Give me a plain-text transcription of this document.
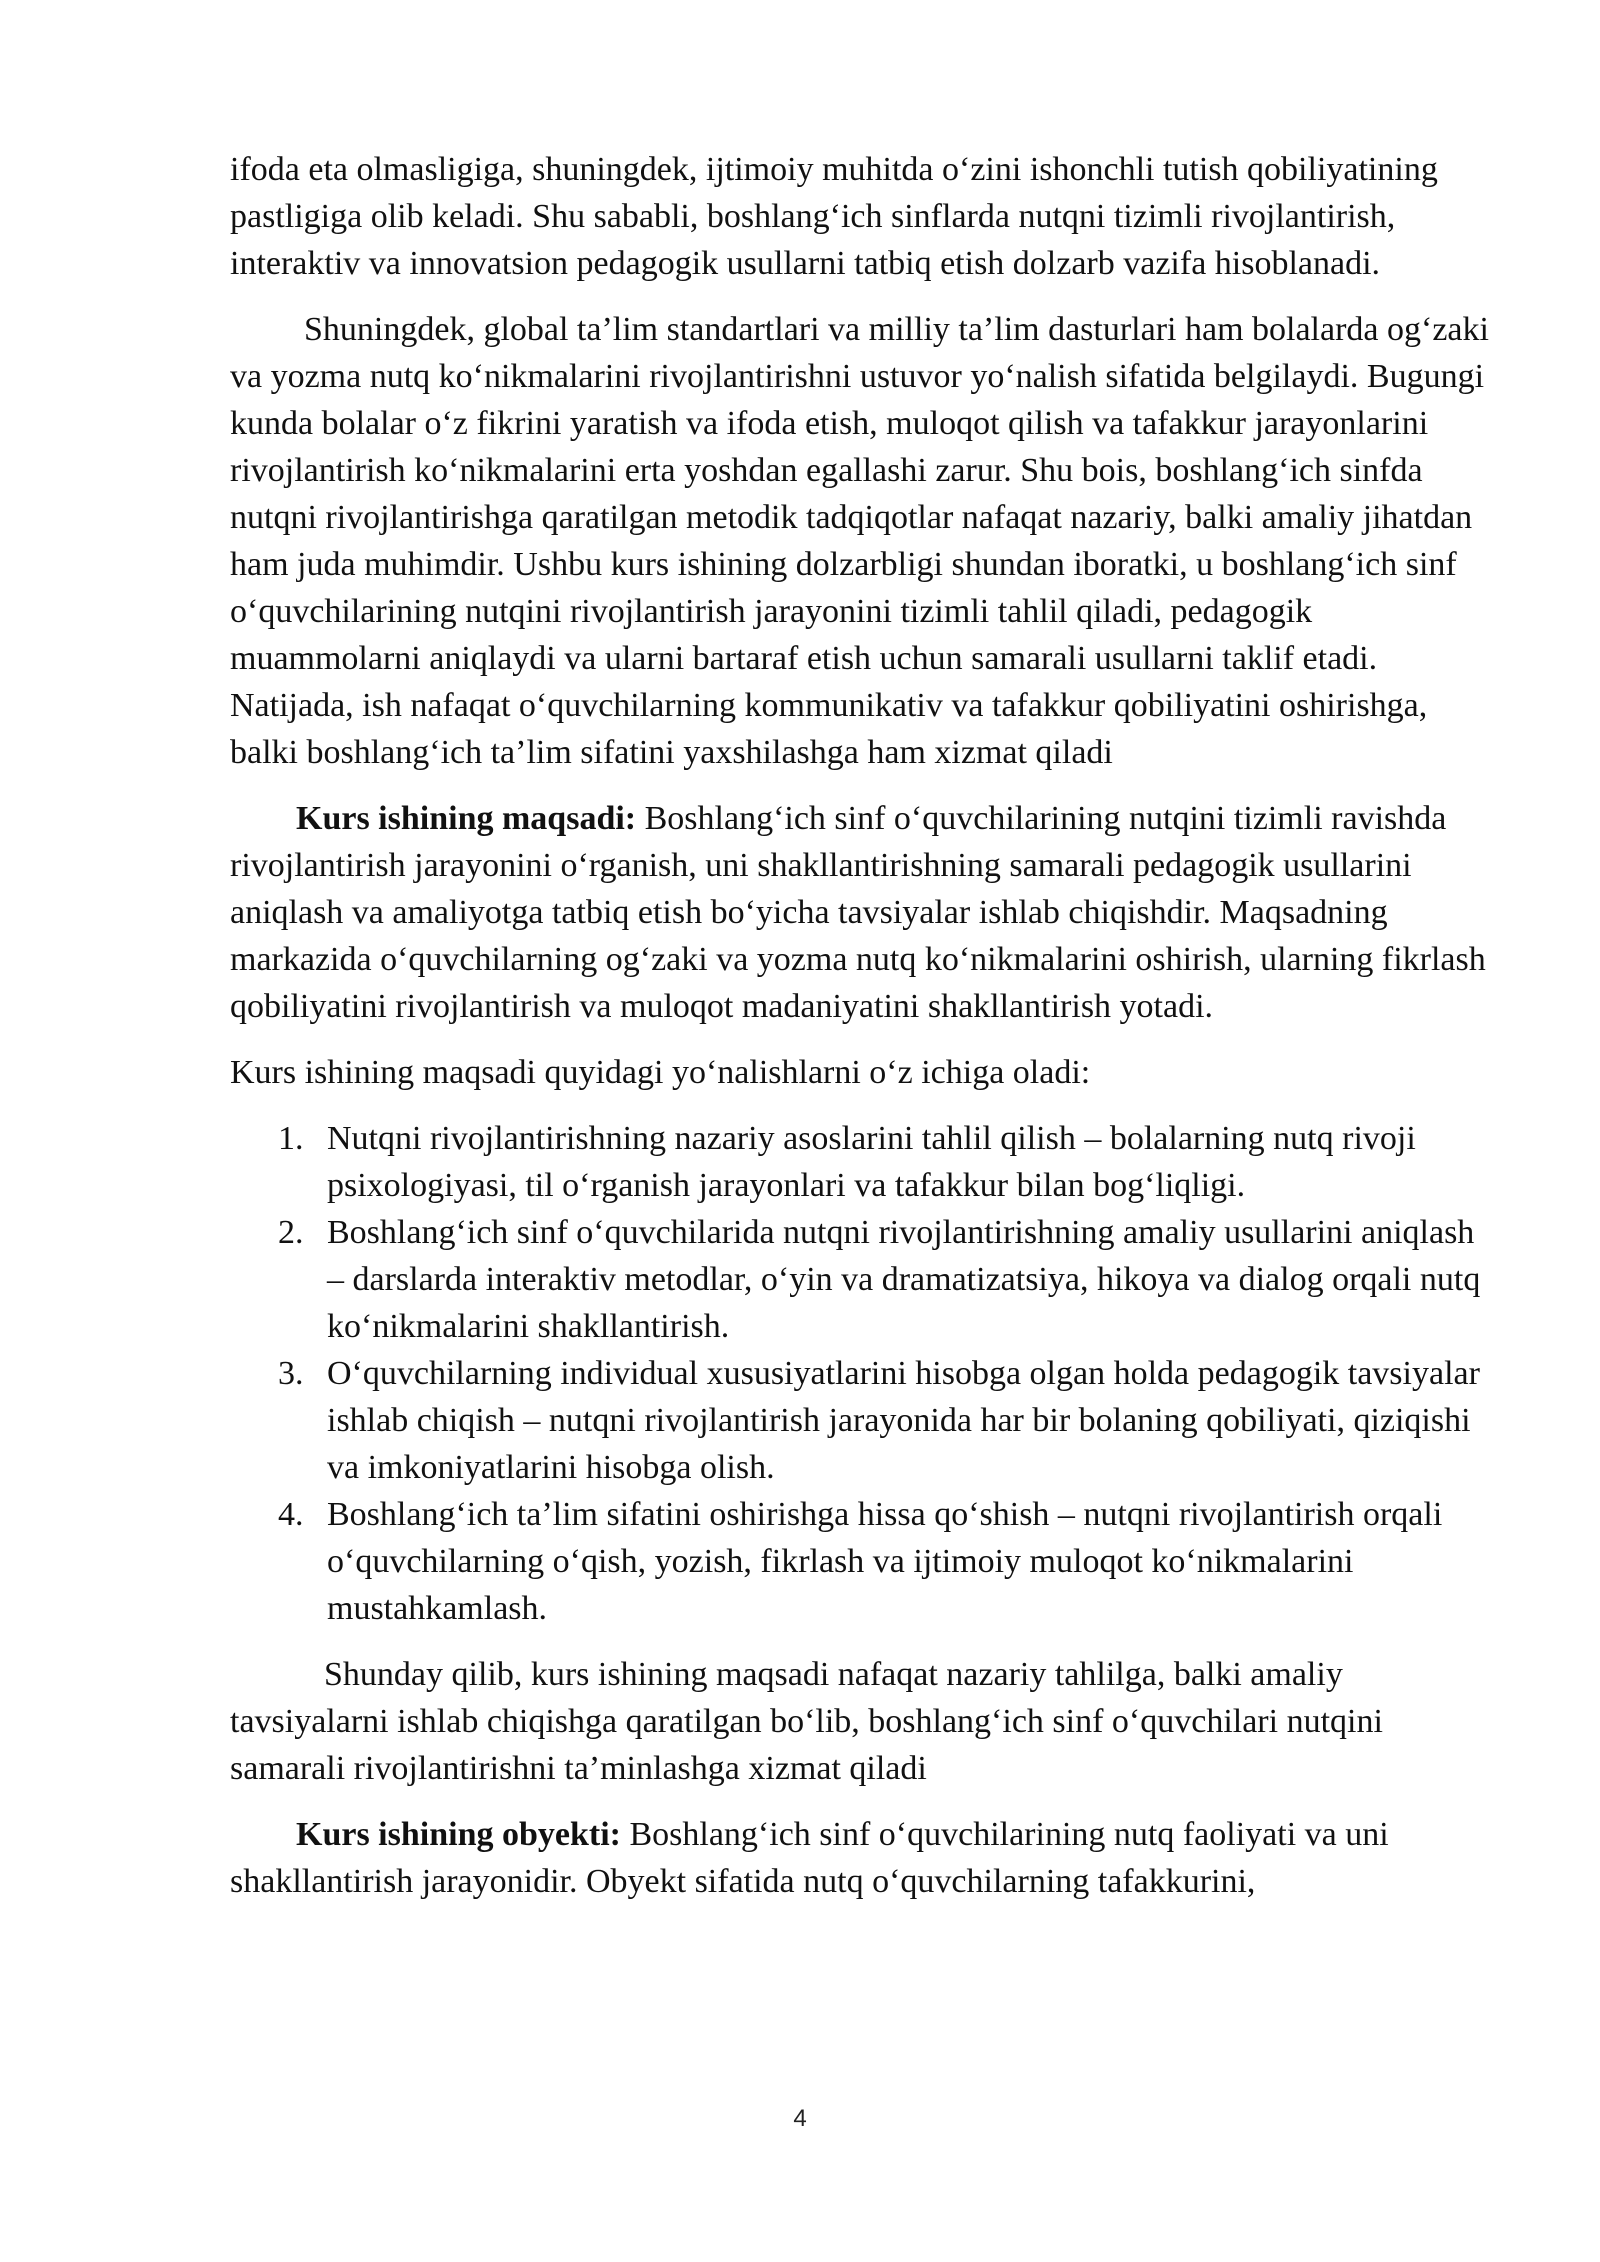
ifoda eta olmasligiga, shuningdek, ijtimoiy muhitda o‘zini ishonchli tutish qobiliyatining pastligiga olib keladi. Shu sababli, boshlang‘ich sinflarda nutqni tizimli rivojlantirish, interaktiv va innovatsion pedagogik usullarni tatbiq etish dolzarb vazifa hisoblanadi.

Shuningdek, global ta’lim standartlari va milliy ta’lim dasturlari ham bolalarda og‘zaki va yozma nutq ko‘nikmalarini rivojlantirishni ustuvor yo‘nalish sifatida belgilaydi. Bugungi kunda bolalar o‘z fikrini yaratish va ifoda etish, muloqot qilish va tafakkur jarayonlarini rivojlantirish ko‘nikmalarini erta yoshdan egallashi zarur. Shu bois, boshlang‘ich sinfda nutqni rivojlantirishga qaratilgan metodik tadqiqotlar nafaqat nazariy, balki amaliy jihatdan ham juda muhimdir. Ushbu kurs ishining dolzarbligi shundan iboratki, u boshlang‘ich sinf o‘quvchilarining nutqini rivojlantirish jarayonini tizimli tahlil qiladi, pedagogik muammolarni aniqlaydi va ularni bartaraf etish uchun samarali usullarni taklif etadi. Natijada, ish nafaqat o‘quvchilarning kommunikativ va tafakkur qobiliyatini oshirishga, balki boshlang‘ich ta’lim sifatini yaxshilashga ham xizmat qiladi

Kurs ishining maqsadi: Boshlang‘ich sinf o‘quvchilarining nutqini tizimli ravishda rivojlantirish jarayonini o‘rganish, uni shakllantirishning samarali pedagogik usullarini aniqlash va amaliyotga tatbiq etish bo‘yicha tavsiyalar ishlab chiqishdir. Maqsadning markazida o‘quvchilarning og‘zaki va yozma nutq ko‘nikmalarini oshirish, ularning fikrlash qobiliyatini rivojlantirish va muloqot madaniyatini shakllantirish yotadi.

Kurs ishining maqsadi quyidagi yo‘nalishlarni o‘z ichiga oladi:

1. Nutqni rivojlantirishning nazariy asoslarini tahlil qilish – bolalarning nutq rivoji psixologiyasi, til o‘rganish jarayonlari va tafakkur bilan bog‘liqligi.
2. Boshlang‘ich sinf o‘quvchilarida nutqni rivojlantirishning amaliy usullarini aniqlash – darslarda interaktiv metodlar, o‘yin va dramatizatsiya, hikoya va dialog orqali nutq ko‘nikmalarini shakllantirish.
3. O‘quvchilarning individual xususiyatlarini hisobga olgan holda pedagogik tavsiyalar ishlab chiqish – nutqni rivojlantirish jarayonida har bir bolaning qobiliyati, qiziqishi va imkoniyatlarini hisobga olish.
4. Boshlang‘ich ta’lim sifatini oshirishga hissa qo‘shish – nutqni rivojlantirish orqali o‘quvchilarning o‘qish, yozish, fikrlash va ijtimoiy muloqot ko‘nikmalarini mustahkamlash.

Shunday qilib, kurs ishining maqsadi nafaqat nazariy tahlilga, balki amaliy tavsiyalarni ishlab chiqishga qaratilgan bo‘lib, boshlang‘ich sinf o‘quvchilari nutqini samarali rivojlantirishni ta’minlashga xizmat qiladi

Kurs ishining obyekti: Boshlang‘ich sinf o‘quvchilarining nutq faoliyati va uni shakllantirish jarayonidir. Obyekt sifatida nutq o‘quvchilarning tafakkurini,

4
